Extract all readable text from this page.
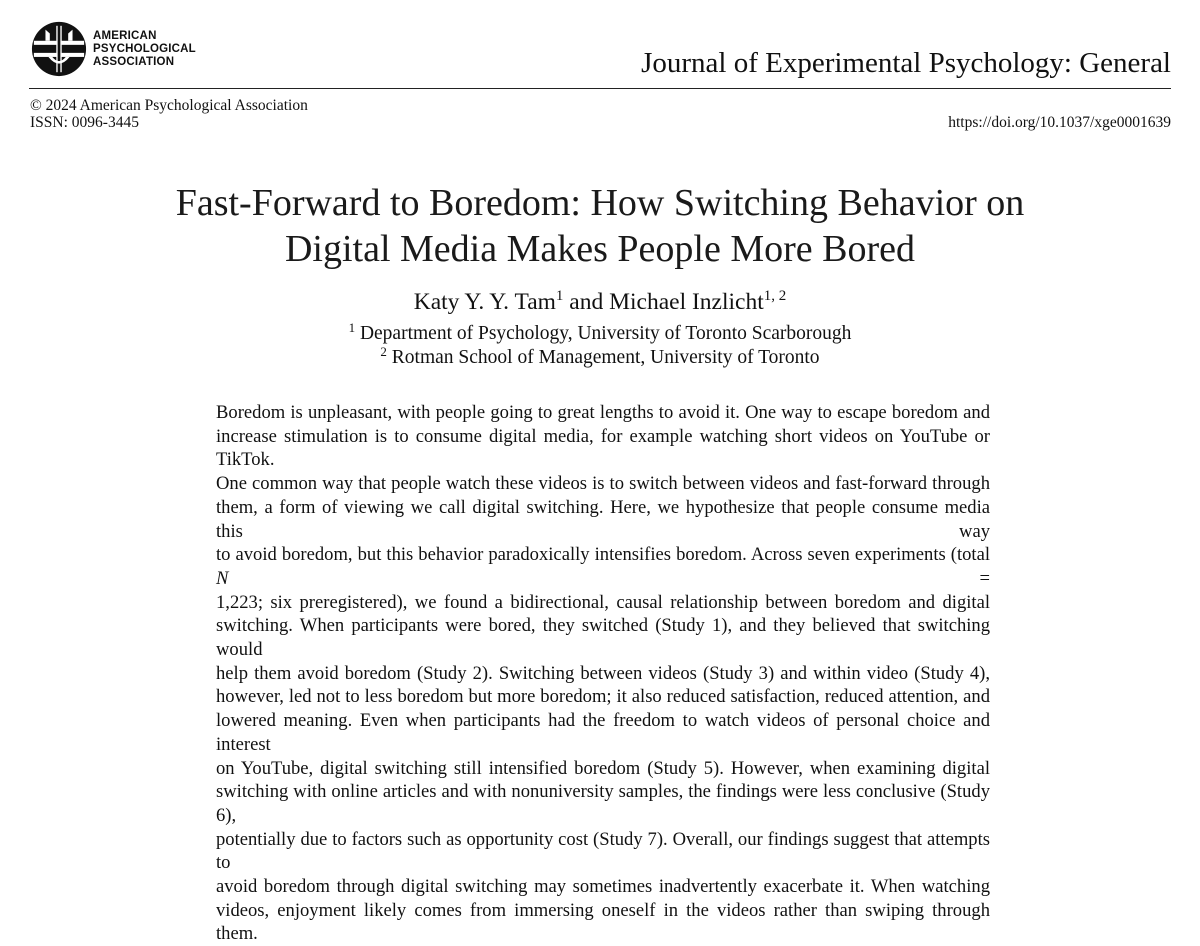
AMERICAN
PSYCHOLOGICAL
ASSOCIATION	Journal of Experimental Psychology: General
© 2024 American Psychological Association
ISSN: 0096-3445	https://doi.org/10.1037/xge0001639
Fast-Forward to Boredom: How Switching Behavior on
Digital Media Makes People More Bored
Katy Y. Y. Tam$^1$ and Michael Inzlicht$^{1, 2}$
$^1$ Department of Psychology, University of Toronto Scarborough
$^2$ Rotman School of Management, University of Toronto
Boredom is unpleasant, with people going to great lengths to avoid it. One way to escape boredom and
increase stimulation is to consume digital media, for example watching short videos on YouTube or TikTok.
One common way that people watch these videos is to switch between videos and fast-forward through
them, a form of viewing we call digital switching. Here, we hypothesize that people consume media this way
to avoid boredom, but this behavior paradoxically intensifies boredom. Across seven experiments (total N =
1,223; six preregistered), we found a bidirectional, causal relationship between boredom and digital
switching. When participants were bored, they switched (Study 1), and they believed that switching would
help them avoid boredom (Study 2). Switching between videos (Study 3) and within video (Study 4),
however, led not to less boredom but more boredom; it also reduced satisfaction, reduced attention, and
lowered meaning. Even when participants had the freedom to watch videos of personal choice and interest
on YouTube, digital switching still intensified boredom (Study 5). However, when examining digital
switching with online articles and with nonuniversity samples, the findings were less conclusive (Study 6),
potentially due to factors such as opportunity cost (Study 7). Overall, our findings suggest that attempts to
avoid boredom through digital switching may sometimes inadvertently exacerbate it. When watching
videos, enjoyment likely comes from immersing oneself in the videos rather than swiping through them.
